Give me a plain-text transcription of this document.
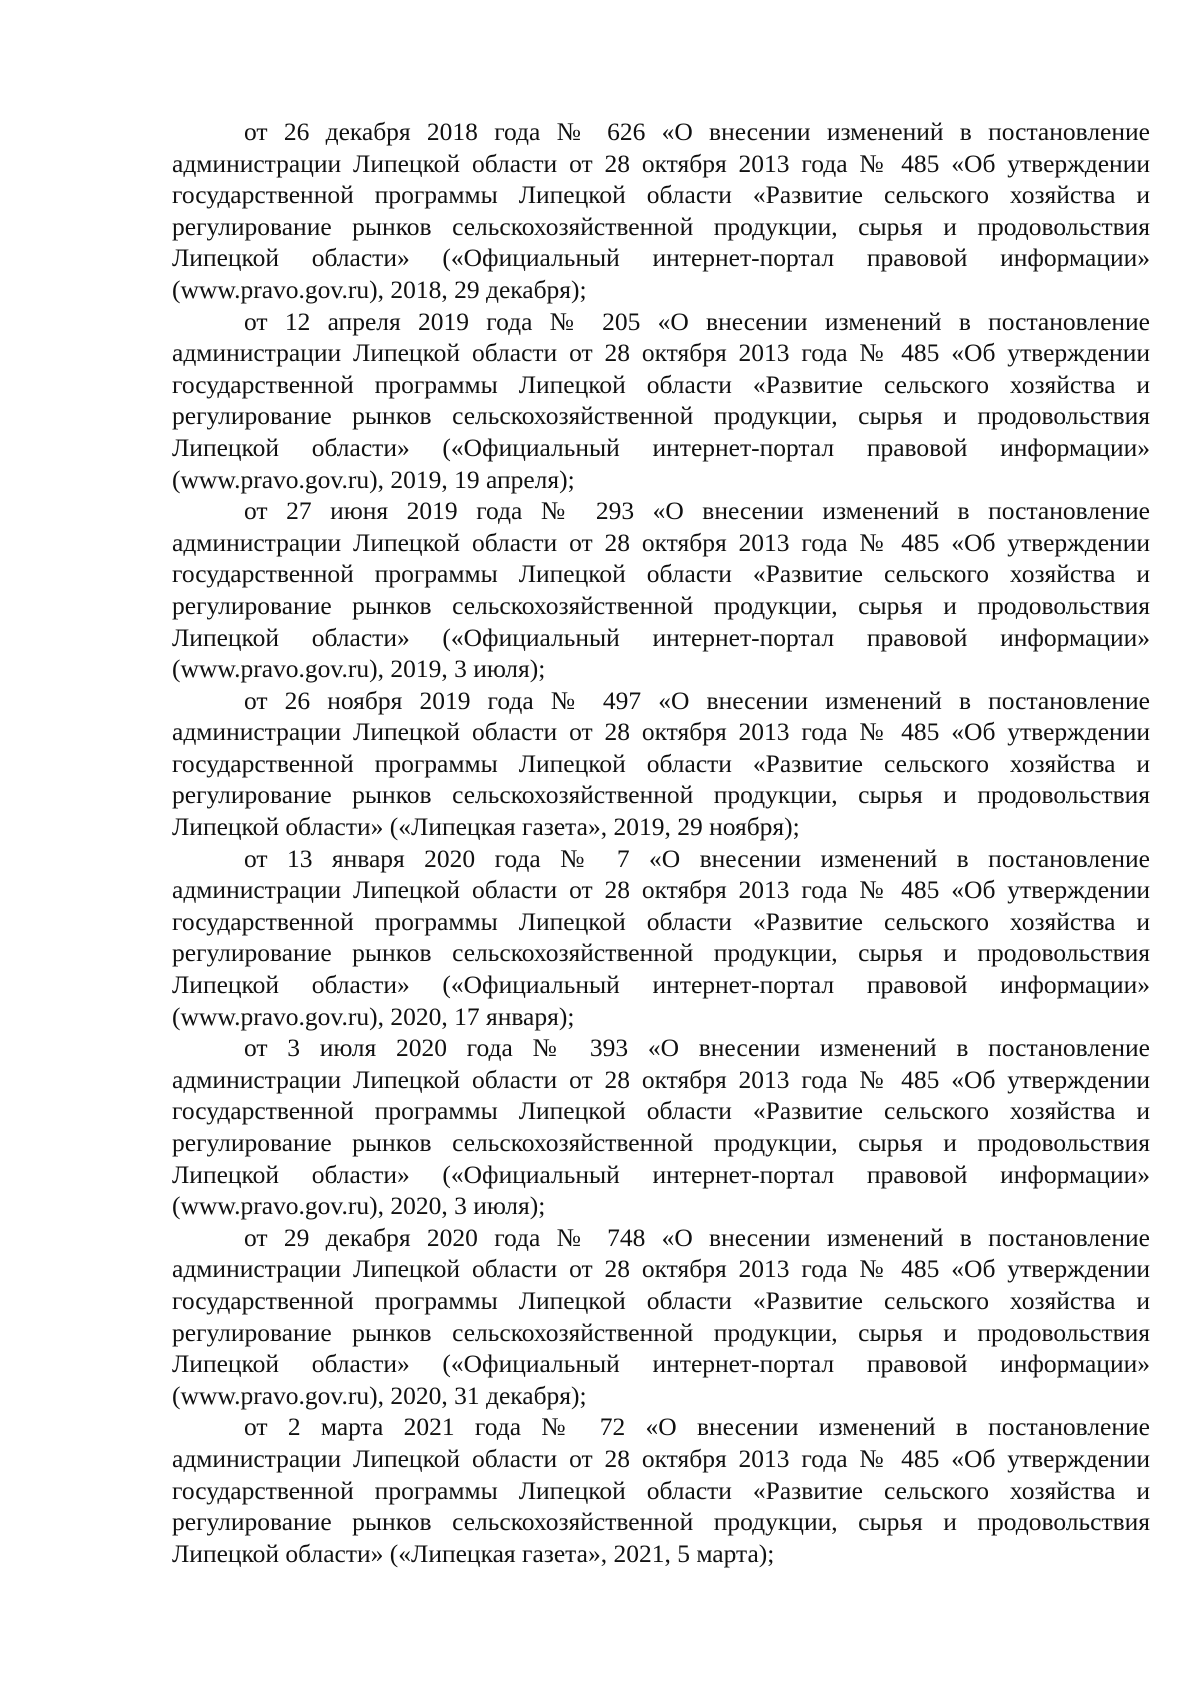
от 26 декабря 2018 года № 626 «О внесении изменений в постановление администрации Липецкой области от 28 октября 2013 года № 485 «Об утверждении государственной программы Липецкой области «Развитие сельского хозяйства и регулирование рынков сельскохозяйственной продукции, сырья и продовольствия Липецкой области» («Официальный интернет-портал правовой информации» (www.pravo.gov.ru), 2018, 29 декабря);

от 12 апреля 2019 года № 205 «О внесении изменений в постановление администрации Липецкой области от 28 октября 2013 года № 485 «Об утверждении государственной программы Липецкой области «Развитие сельского хозяйства и регулирование рынков сельскохозяйственной продукции, сырья и продовольствия Липецкой области» («Официальный интернет-портал правовой информации» (www.pravo.gov.ru), 2019, 19 апреля);

от 27 июня 2019 года № 293 «О внесении изменений в постановление администрации Липецкой области от 28 октября 2013 года № 485 «Об утверждении государственной программы Липецкой области «Развитие сельского хозяйства и регулирование рынков сельскохозяйственной продукции, сырья и продовольствия Липецкой области» («Официальный интернет-портал правовой информации» (www.pravo.gov.ru), 2019, 3 июля);

от 26 ноября 2019 года № 497 «О внесении изменений в постановление администрации Липецкой области от 28 октября 2013 года № 485 «Об утверждении государственной программы Липецкой области «Развитие сельского хозяйства и регулирование рынков сельскохозяйственной продукции, сырья и продовольствия Липецкой области» («Липецкая газета», 2019, 29 ноября);

от 13 января 2020 года № 7 «О внесении изменений в постановление администрации Липецкой области от 28 октября 2013 года № 485 «Об утверждении государственной программы Липецкой области «Развитие сельского хозяйства и регулирование рынков сельскохозяйственной продукции, сырья и продовольствия Липецкой области» («Официальный интернет-портал правовой информации» (www.pravo.gov.ru), 2020, 17 января);

от 3 июля 2020 года № 393 «О внесении изменений в постановление администрации Липецкой области от 28 октября 2013 года № 485 «Об утверждении государственной программы Липецкой области «Развитие сельского хозяйства и регулирование рынков сельскохозяйственной продукции, сырья и продовольствия Липецкой области» («Официальный интернет-портал правовой информации» (www.pravo.gov.ru), 2020, 3 июля);

от 29 декабря 2020 года № 748 «О внесении изменений в постановление администрации Липецкой области от 28 октября 2013 года № 485 «Об утверждении государственной программы Липецкой области «Развитие сельского хозяйства и регулирование рынков сельскохозяйственной продукции, сырья и продовольствия Липецкой области» («Официальный интернет-портал правовой информации» (www.pravo.gov.ru), 2020, 31 декабря);

от 2 марта 2021 года № 72 «О внесении изменений в постановление администрации Липецкой области от 28 октября 2013 года № 485 «Об утверждении государственной программы Липецкой области «Развитие сельского хозяйства и регулирование рынков сельскохозяйственной продукции, сырья и продовольствия Липецкой области» («Липецкая газета», 2021, 5 марта);
